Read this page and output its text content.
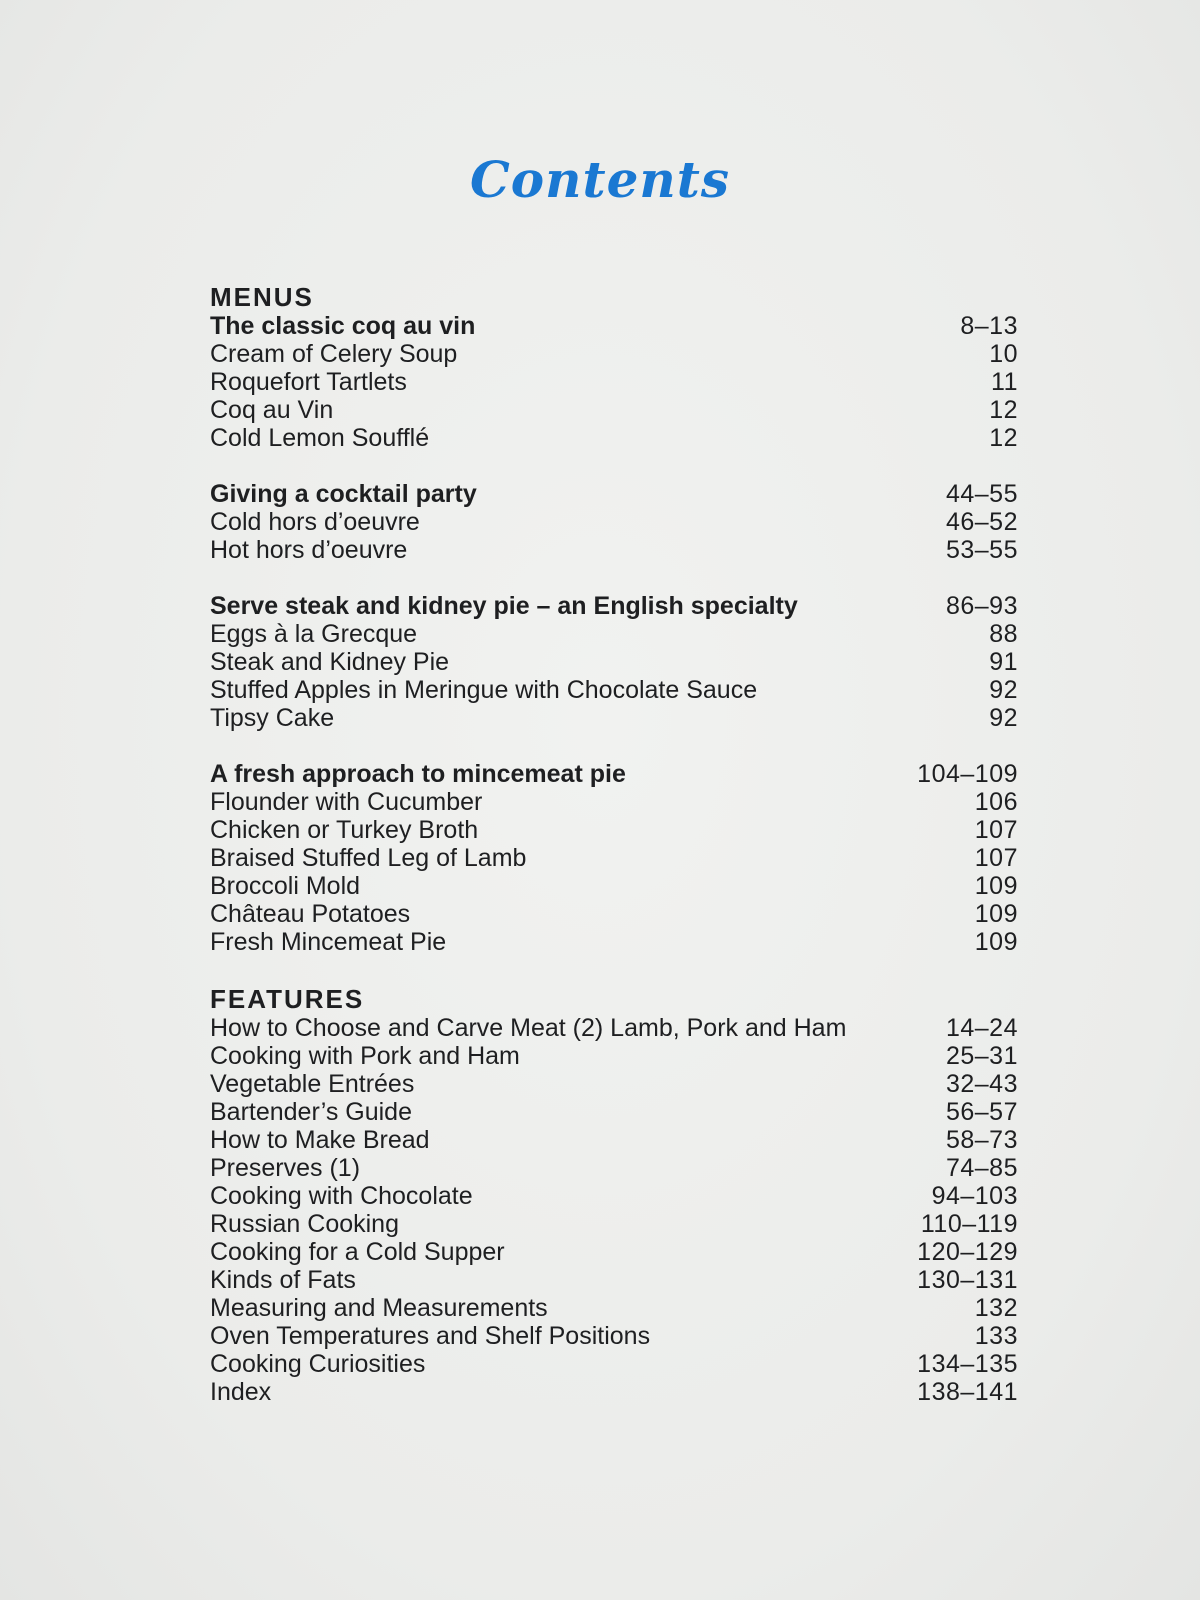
Contents
MENUS
The classic coq au vin	8–13
Cream of Celery Soup	10
Roquefort Tartlets	11
Coq au Vin	12
Cold Lemon Soufflé	12
Giving a cocktail party	44–55
Cold hors d’oeuvre	46–52
Hot hors d’oeuvre	53–55
Serve steak and kidney pie – an English specialty	86–93
Eggs à la Grecque	88
Steak and Kidney Pie	91
Stuffed Apples in Meringue with Chocolate Sauce	92
Tipsy Cake	92
A fresh approach to mincemeat pie	104–109
Flounder with Cucumber	106
Chicken or Turkey Broth	107
Braised Stuffed Leg of Lamb	107
Broccoli Mold	109
Château Potatoes	109
Fresh Mincemeat Pie	109
FEATURES
How to Choose and Carve Meat (2) Lamb, Pork and Ham	14–24
Cooking with Pork and Ham	25–31
Vegetable Entrées	32–43
Bartender’s Guide	56–57
How to Make Bread	58–73
Preserves (1)	74–85
Cooking with Chocolate	94–103
Russian Cooking	110–119
Cooking for a Cold Supper	120–129
Kinds of Fats	130–131
Measuring and Measurements	132
Oven Temperatures and Shelf Positions	133
Cooking Curiosities	134–135
Index	138–141
